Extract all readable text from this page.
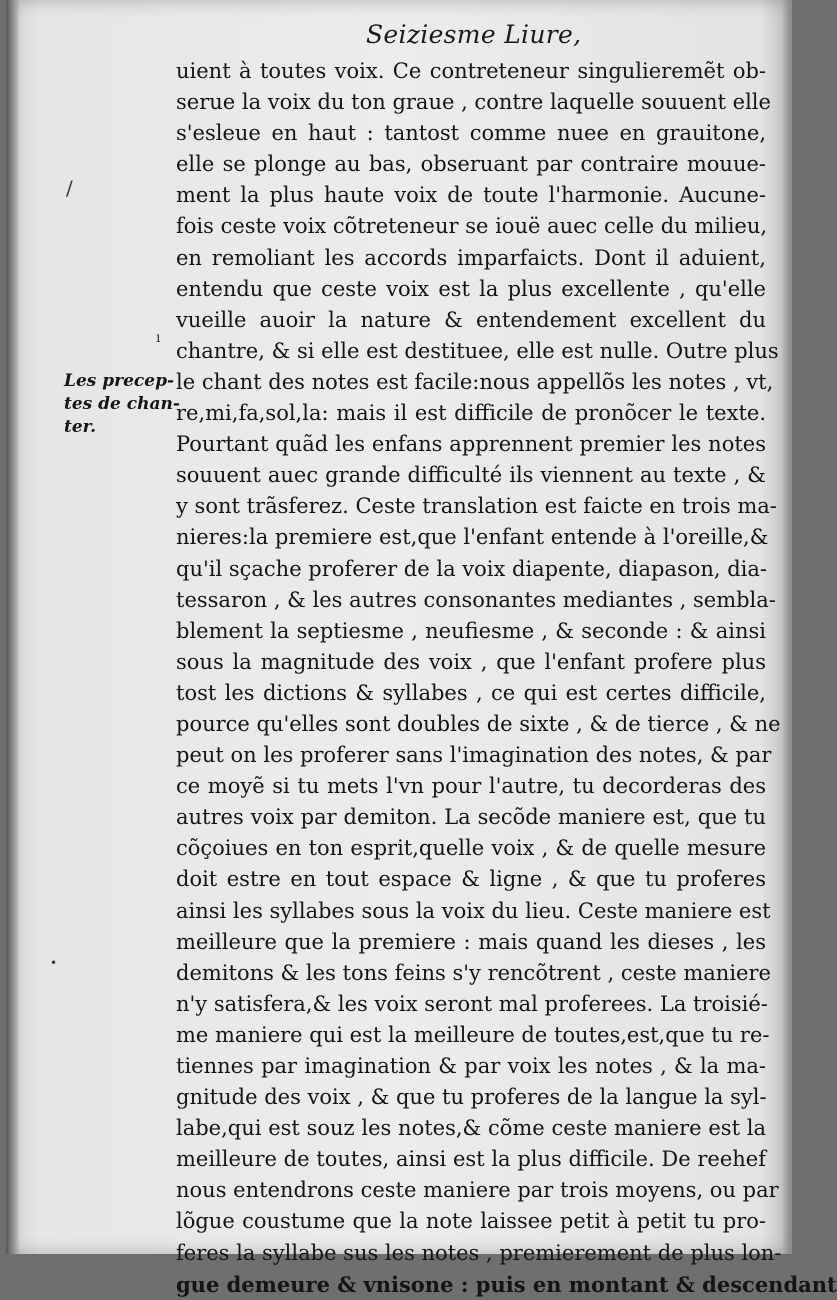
Seiziesme Liure,
Les precep-
tes de chan-
ter.
/
ı
•
uient à toutes voix. Ce contreteneur singulieremẽt ob-
serue la voix du ton graue , contre laquelle souuent elle
s'esleue en haut : tantost comme nuee en grauitone,
elle se plonge au bas, obseruant par contraire mouue-
ment la plus haute voix de toute l'harmonie. Aucune-
fois ceste voix cõtreteneur se iouë auec celle du milieu,
en remoliant les accords imparfaicts. Dont il aduient,
entendu que ceste voix est la plus excellente , qu'elle
vueille auoir la nature & entendement excellent du
chantre, & si elle est destituee, elle est nulle. Outre plus
le chant des notes est facile:nous appellõs les notes , vt,
re,mi,fa,sol,la: mais il est difficile de pronõcer le texte.
Pourtant quãd les enfans apprennent premier les notes
souuent auec grande difficulté ils viennent au texte , &
y sont trãsferez. Ceste translation est faicte en trois ma-
nieres:la premiere est,que l'enfant entende à l'oreille,&
qu'il sçache proferer de la voix diapente, diapason, dia-
tessaron , & les autres consonantes mediantes , sembla-
blement la septiesme , neufiesme , & seconde : & ainsi
sous la magnitude des voix , que l'enfant profere plus
tost les dictions & syllabes , ce qui est certes difficile,
pource qu'elles sont doubles de sixte , & de tierce , & ne
peut on les proferer sans l'imagination des notes, & par
ce moyẽ si tu mets l'vn pour l'autre, tu decorderas des
autres voix par demiton. La secõde maniere est, que tu
cõçoiues en ton esprit,quelle voix , & de quelle mesure
doit estre en tout espace & ligne , & que tu proferes
ainsi les syllabes sous la voix du lieu. Ceste maniere est
meilleure que la premiere : mais quand les dieses , les
demitons & les tons feins s'y rencõtrent , ceste maniere
n'y satisfera,& les voix seront mal proferees. La troisié-
me maniere qui est la meilleure de toutes,est,que tu re-
tiennes par imagination & par voix les notes , & la ma-
gnitude des voix , & que tu proferes de la langue la syl-
labe,qui est souz les notes,& cõme ceste maniere est la
meilleure de toutes, ainsi est la plus difficile. De reehef
nous entendrons ceste maniere par trois moyens, ou par
lõgue coustume que la note laissee petit à petit tu pro-
feres la syllabe sus les notes , premierement de plus lon-
gue demeure & vnisone : puis en montant & descendant
